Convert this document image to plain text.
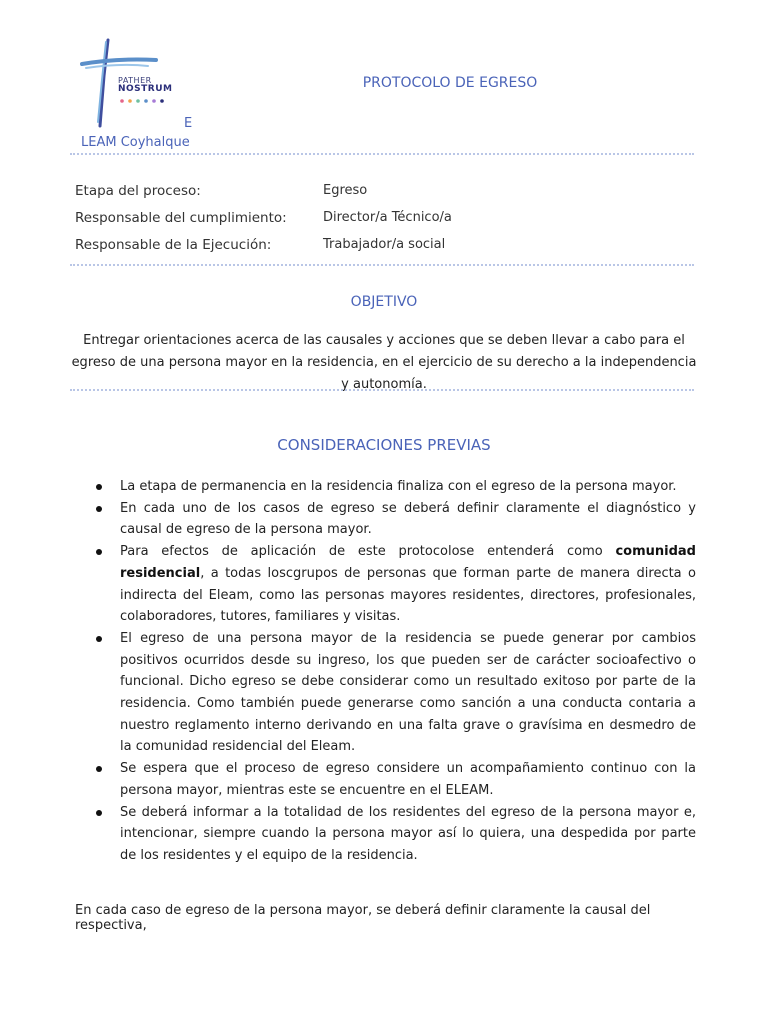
PATHER
NOSTRUM	PROTOCOLO DE EGRESO
E
LEAM Coyhalque
Etapa del proceso:	Egreso
Responsable del cumplimiento:	Director/a Técnico/a
Responsable de la Ejecución:	Trabajador/a social
OBJETIVO

Entregar orientaciones acerca de las causales y acciones que se deben llevar a cabo para el egreso de una persona mayor en la residencia, en el ejercicio de su derecho a la independencia y autonomía.

CONSIDERACIONES PREVIAS
La etapa de permanencia en la residencia finaliza con el egreso de la persona mayor.
En cada uno de los casos de egreso se deberá definir claramente el diagnóstico y causal de egreso de la persona mayor.
Para efectos de aplicación de este protocolose entenderá como comunidad residencial, a todas loscgrupos de personas que forman parte de manera directa o indirecta del Eleam, como las personas mayores residentes, directores, profesionales, colaboradores, tutores, familiares y visitas.
El egreso de una persona mayor de la residencia se puede generar por cambios positivos ocurridos desde su ingreso, los que pueden ser de carácter socioafectivo o funcional. Dicho egreso se debe considerar como un resultado exitoso por parte de la residencia. Como también puede generarse como sanción a una conducta contaria a nuestro reglamento interno derivando en una falta grave o gravísima en desmedro de la comunidad residencial del Eleam.
Se espera que el proceso de egreso considere un acompañamiento continuo con la persona mayor, mientras este se encuentre en el ELEAM.
Se deberá informar a la totalidad de los residentes del egreso de la persona mayor e, intencionar, siempre cuando la persona mayor así lo quiera, una despedida por parte de los residentes y el equipo de la residencia.

En cada caso de egreso de la persona mayor, se deberá definir claramente la causal del respectiva,
